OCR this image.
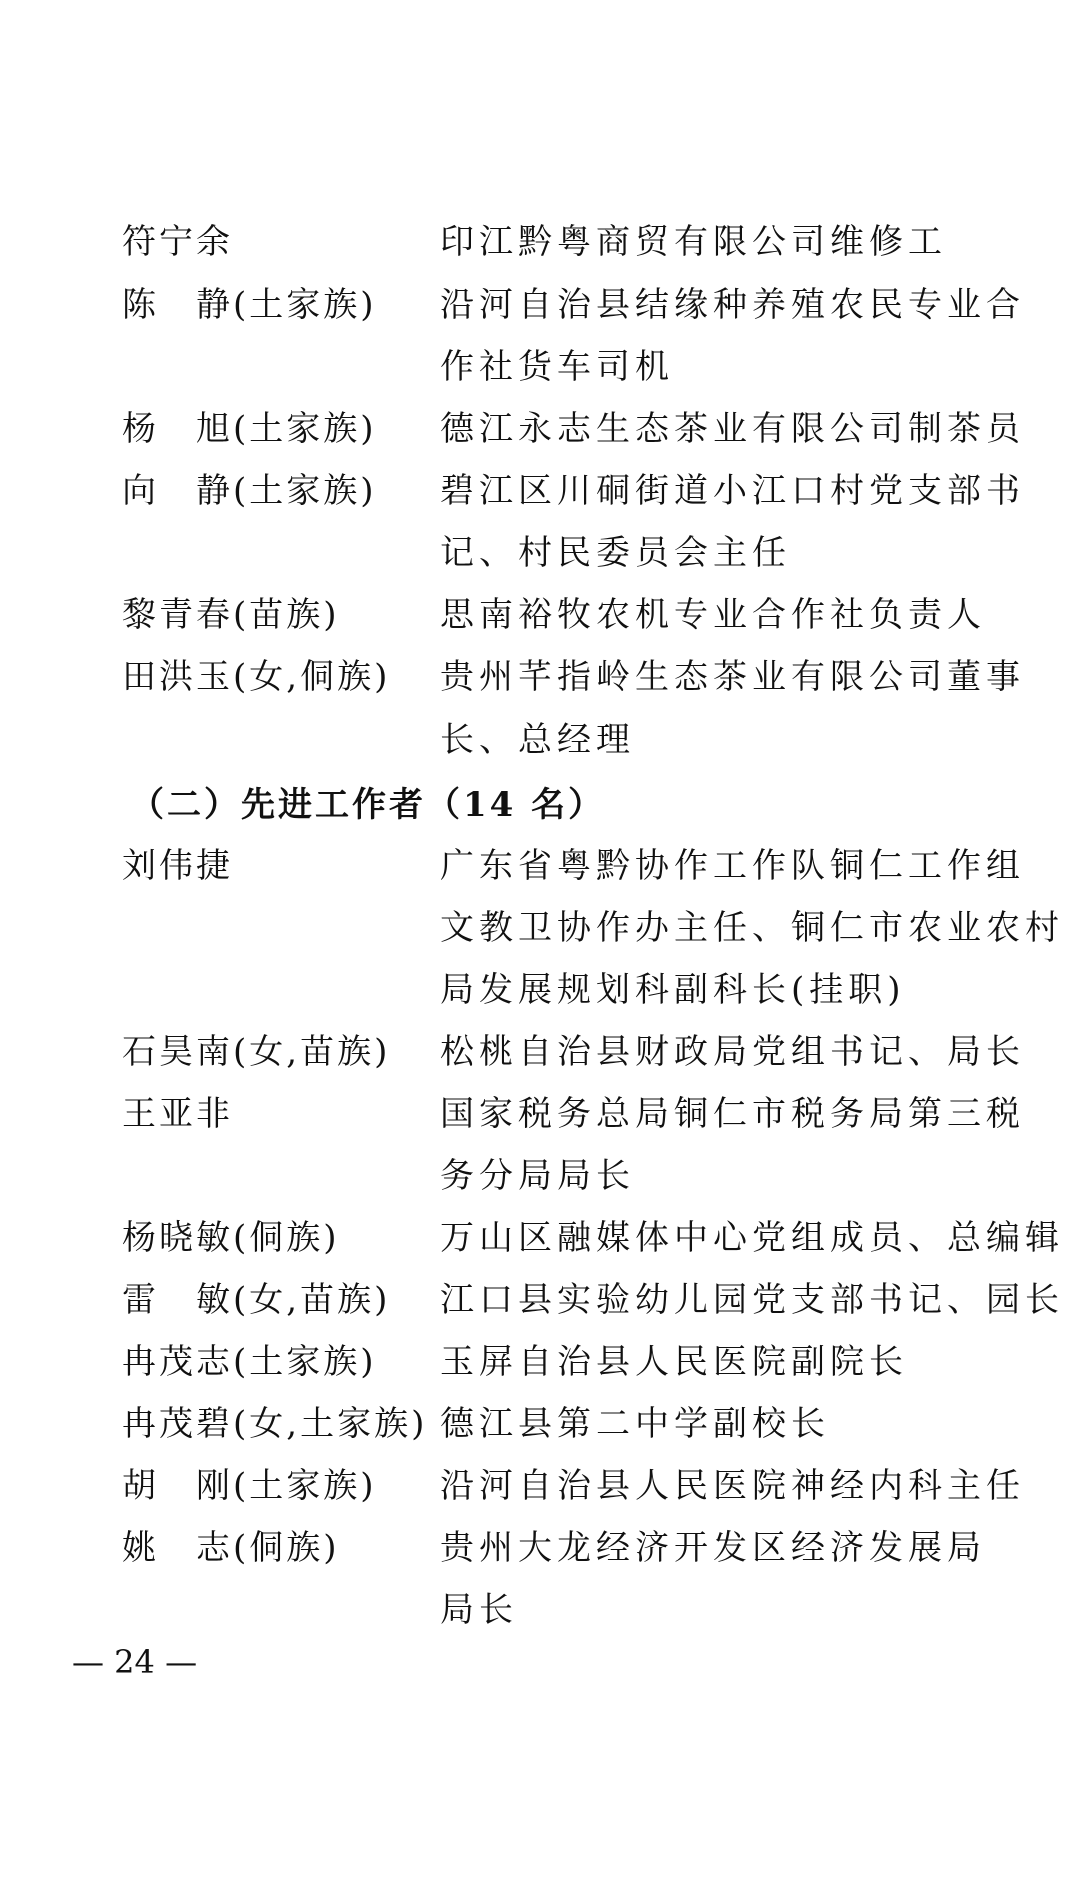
符宁余	印江黔粤商贸有限公司维修工
陈　静(土家族) 沿河自治县结缘种养殖农民专业合
作社货车司机
杨　旭(土家族) 德江永志生态茶业有限公司制茶员
向　静(土家族) 碧江区川硐街道小江口村党支部书
记、村民委员会主任
黎青春(苗族)	思南裕牧农机专业合作社负责人
田洪玉(女,侗族) 贵州芊指岭生态茶业有限公司董事
长、总经理
（二）先进工作者（14 名）
刘伟捷	广东省粤黔协作工作队铜仁工作组
文教卫协作办主任、铜仁市农业农村
局发展规划科副科长(挂职)
石昊南(女,苗族) 松桃自治县财政局党组书记、局长
王亚非	国家税务总局铜仁市税务局第三税
务分局局长
杨晓敏(侗族)	万山区融媒体中心党组成员、总编辑
雷　敏(女,苗族) 江口县实验幼儿园党支部书记、园长
冉茂志(土家族) 玉屏自治县人民医院副院长
冉茂碧(女,土家族) 德江县第二中学副校长
胡　刚(土家族) 沿河自治县人民医院神经内科主任
姚　志(侗族)	贵州大龙经济开发区经济发展局
局长
— 24 —
